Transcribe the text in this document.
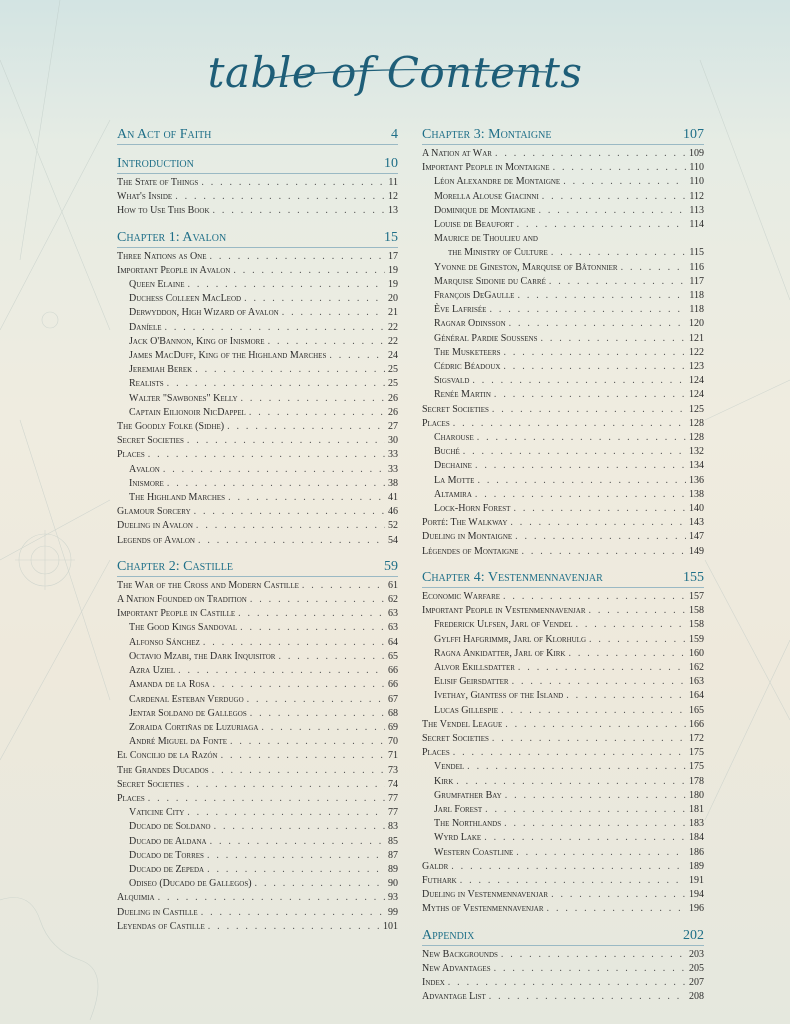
table of Contents
An Act of Faith	4
Introduction	10
The State of Things . . .	11
What's Inside . . .	12
How to Use This Book . . .	13
Chapter 1: Avalon	15
Three Nations as One . . .	17
Important People in Avalon . . .	19
Queen Elaine . . .	19
Duchess Colleen MacLeod . . .	20
Derwyddon, High Wizard of Avalon . . .	21
Daníele . . .	22
Jack O'Bannon, King of Inismore . . .	22
James MacDuff, King of the Highland Marches . . .	24
Jeremiah Berek . . .	25
Realists . . .	25
Walter "Sawbones" Kelly . . .	26
Captain Eilionoir NicDappel . . .	26
The Goodly Folke (Sidhe) . . .	27
Secret Societies . . .	30
Places . . .	33
Avalon . . .	33
Inismore . . .	38
The Highland Marches . . .	41
Glamour Sorcery . . .	46
Dueling in Avalon . . .	52
Legends of Avalon . . .	54
Chapter 2: Castille	59
The War of the Cross and Modern Castille . . .	61
A Nation Founded on Tradition . . .	62
Important People in Castille . . .	63
The Good Kings Sandoval . . .	63
Alfonso Sánchez . . .	64
Octavio Mzabi, the Dark Inquisitor . . .	65
Azra Uziel . . .	66
Amanda de la Rosa . . .	66
Cardenal Esteban Verdugo . . .	67
Jentar Soldano de Gallegos . . .	68
Zoraida Cortiñas de Luzuriaga . . .	69
André Miguel da Fonte . . .	70
El Concilio de la Razón . . .	71
The Grandes Ducados . . .	73
Secret Societies . . .	74
Places . . .	77
Vaticine City . . .	77
Ducado de Soldano . . .	83
Ducado de Aldana . . .	85
Ducado de Torres . . .	87
Ducado de Zepeda . . .	89
Odiseo (Ducado de Gallegos) . . .	90
Alquimia . . .	93
Dueling in Castille . . .	99
Leyendas of Castille . . .	101
Chapter 3: Montaigne	107
A Nation at War . . .	109
Important People in Montaigne . . .	110
Léon Alexandre de Montaigne . . .	110
Morella Alouse Giacinni . . .	112
Dominique de Montaigne . . .	113
Louise de Beaufort . . .	114
Maurice de Thoulieu and
the Ministry of Culture . . .	115
Yvonne de Gineston, Marquise of Bâtonnier . . .	116
Marquise Sidonie du Carré . . .	117
François DeGaulle . . .	118
Ève Lafrisée . . .	118
Ragnar Odinsson . . .	120
Général Pardie Soussens . . .	121
The Musketeers . . .	122
Cédric Béadoux . . .	123
Sigsvald . . .	124
Renée Martin . . .	124
Secret Societies . . .	125
Places . . .	128
Charouse . . .	128
Buché . . .	132
Dechaine . . .	134
La Motte . . .	136
Altamira . . .	138
Lock-Horn Forest . . .	140
Porté: The Walkway . . .	143
Dueling in Montaigne . . .	147
Légendes of Montaigne . . .	149
Chapter 4: Vestenmennavenjar	155
Economic Warfare . . .	157
Important People in Vestenmennavenjar . . .	158
Frederick Ulfsen, Jarl of Vendel . . .	158
Gylffi Hafgrimmr, Jarl of Klorhulg . . .	159
Ragna Ankidatter, Jarl of Kirk . . .	160
Alvor Ekillsdatter . . .	162
Elisif Geirsdatter . . .	163
Ivethay, Giantess of the Island . . .	164
Lucas Gillespie . . .	165
The Vendel League . . .	166
Secret Societies . . .	172
Places . . .	175
Vendel . . .	175
Kirk . . .	178
Grumfather Bay . . .	180
Jarl Forest . . .	181
The Northlands . . .	183
Wyrd Lake . . .	184
Western Coastline . . .	186
Galdr . . .	189
Futhark . . .	191
Dueling in Vestenmennavenjar . . .	194
Myths of Vestenmennavenjar . . .	196
Appendix	202
New Backgrounds . . .	203
New Advantages . . .	205
Index . . .	207
Advantage List . . .	208
